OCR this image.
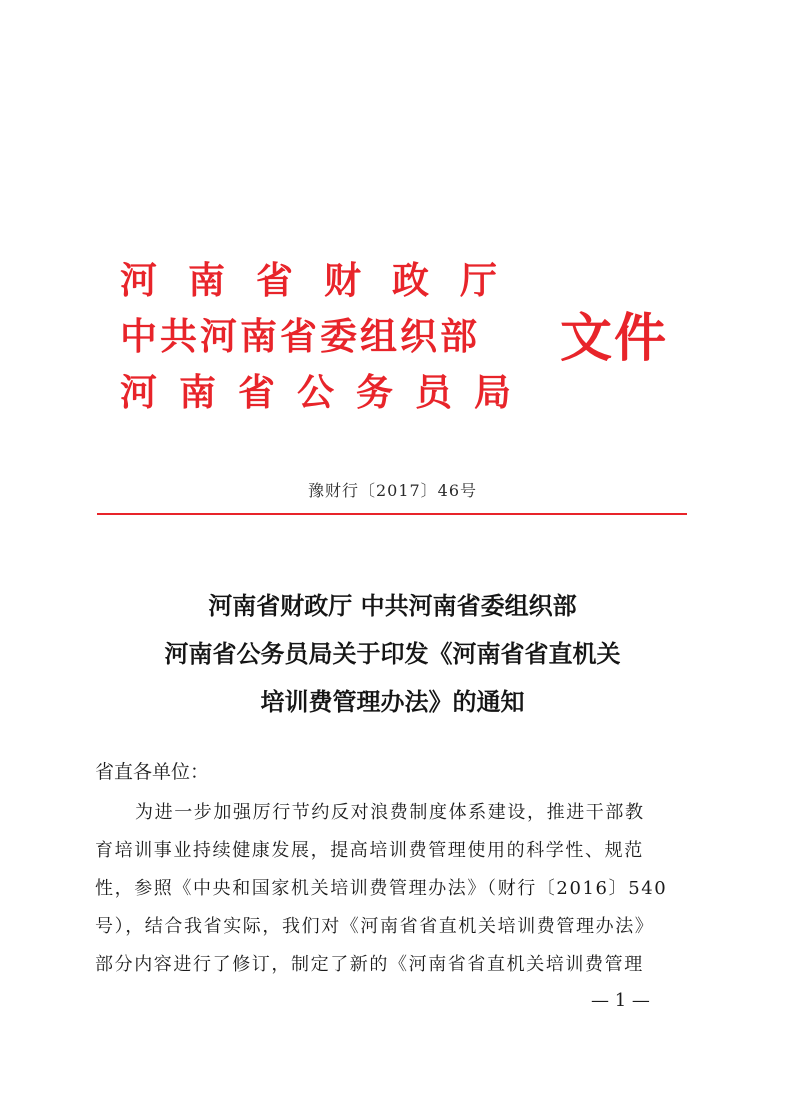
河南省财政厅
中共河南省委组织部
河南省公务员局
文件
豫财行〔2017〕46号
河南省财政厅 中共河南省委组织部
河南省公务员局关于印发《河南省省直机关
培训费管理办法》的通知
省直各单位：
为进一步加强厉行节约反对浪费制度体系建设，推进干部教
育培训事业持续健康发展，提高培训费管理使用的科学性、规范
性，参照《中央和国家机关培训费管理办法》（财行〔2016〕540
号），结合我省实际，我们对《河南省省直机关培训费管理办法》
部分内容进行了修订，制定了新的《河南省省直机关培训费管理
— 1 —
